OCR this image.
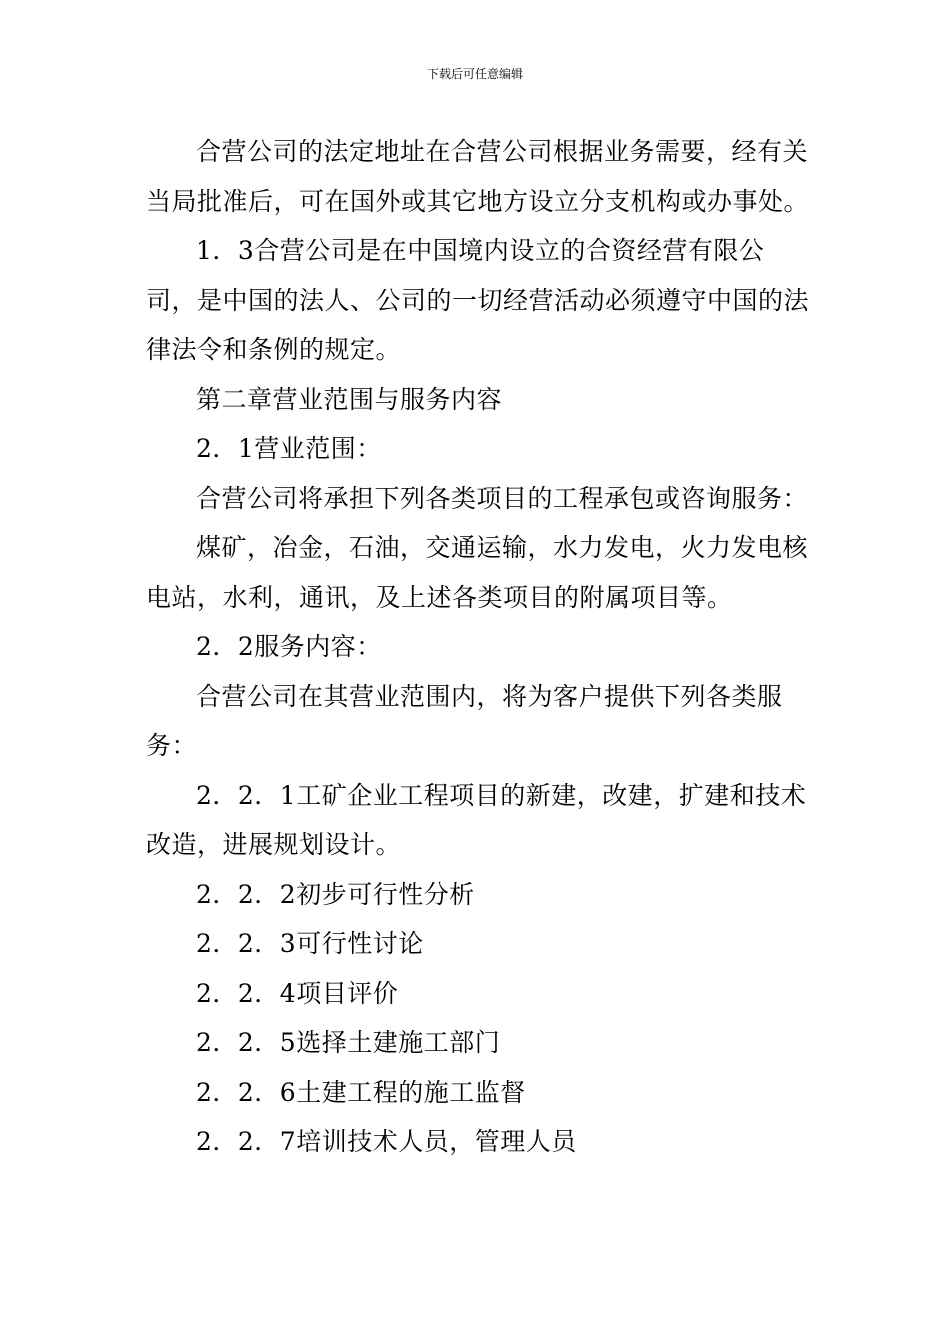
下载后可任意编辑

合营公司的法定地址在合营公司根据业务需要，经有关当局批准后，可在国外或其它地方设立分支机构或办事处。

1．3合营公司是在中国境内设立的合资经营有限公司，是中国的法人、公司的一切经营活动必须遵守中国的法律法令和条例的规定。

第二章营业范围与服务内容

2．1营业范围：

合营公司将承担下列各类项目的工程承包或咨询服务：

煤矿，冶金，石油，交通运输，水力发电，火力发电核电站，水利，通讯，及上述各类项目的附属项目等。

2．2服务内容：

合营公司在其营业范围内，将为客户提供下列各类服务：

2．2．1工矿企业工程项目的新建，改建，扩建和技术改造，进展规划设计。

2．2．2初步可行性分析

2．2．3可行性讨论

2．2．4项目评价

2．2．5选择土建施工部门

2．2．6土建工程的施工监督

2．2．7培训技术人员，管理人员
